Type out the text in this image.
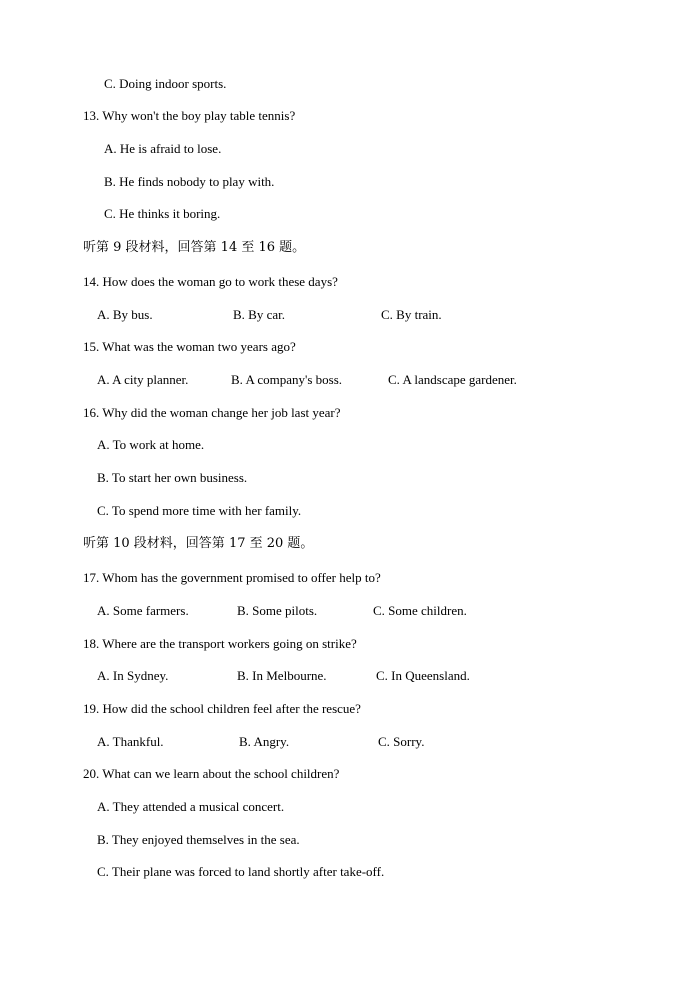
C. Doing indoor sports.
13. Why won't the boy play table tennis?
A. He is afraid to lose.
B. He finds nobody to play with.
C. He thinks it boring.
听第 9 段材料，回答第 14 至 16 题。
14. How does the woman go to work these days?
A. By bus.	B. By car.	C. By train.
15. What was the woman two years ago?
A. A city planner.	B. A company's boss.	C. A landscape gardener.
16. Why did the woman change her job last year?
A. To work at home.
B. To start her own business.
C. To spend more time with her family.
听第 10 段材料，回答第 17 至 20 题。
17. Whom has the government promised to offer help to?
A. Some farmers.	B. Some pilots.	C. Some children.
18. Where are the transport workers going on strike?
A. In Sydney.	B. In Melbourne.	C. In Queensland.
19. How did the school children feel after the rescue?
A. Thankful.	B. Angry.	C. Sorry.
20. What can we learn about the school children?
A. They attended a musical concert.
B. They enjoyed themselves in the sea.
C. Their plane was forced to land shortly after take-off.
